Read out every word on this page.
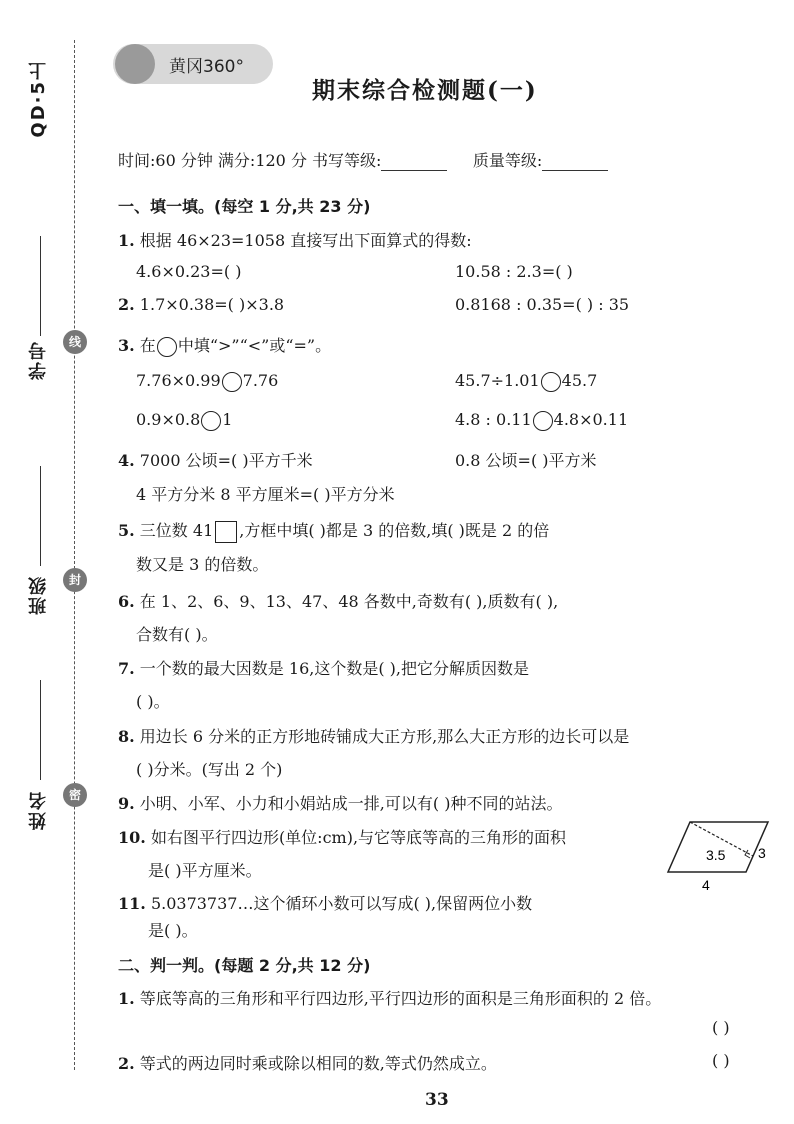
QD·5上
学号
班级
姓名
线
封
密
黄冈360°
期末综合检测题(一)
时间:60 分钟 满分:120 分 书写等级:	质量等级:
一、填一填。(每空 1 分,共 23 分)
1. 根据 46×23=1058 直接写出下面算式的得数:
4.6×0.23=( )	10.58 : 2.3=( )
2. 1.7×0.38=( )×3.8	0.8168 : 0.35=( ) : 35
3. 在 中填“>”“<”或“=”。
7.76×0.99 7.76	45.7÷1.01 45.7
0.9×0.8 1	4.8 : 0.11 4.8×0.11
4. 7000 公顷=( )平方千米	0.8 公顷=( )平方米
4 平方分米 8 平方厘米=( )平方分米
5. 三位数 41 ,方框中填( )都是 3 的倍数,填( )既是 2 的倍
数又是 3 的倍数。
6. 在 1、2、6、9、13、47、48 各数中,奇数有( ),质数有( ),
合数有( )。
7. 一个数的最大因数是 16,这个数是( ),把它分解质因数是
( )。
8. 用边长 6 分米的正方形地砖铺成大正方形,那么大正方形的边长可以是
( )分米。(写出 2 个)
9. 小明、小军、小力和小娟站成一排,可以有( )种不同的站法。
10. 如右图平行四边形(单位:cm),与它等底等高的三角形的面积
是( )平方厘米。
3.5 3
4
11. 5.0373737…这个循环小数可以写成( ),保留两位小数
是( )。
二、判一判。(每题 2 分,共 12 分)
1. 等底等高的三角形和平行四边形,平行四边形的面积是三角形面积的 2 倍。
( )
2. 等式的两边同时乘或除以相同的数,等式仍然成立。	( )
33
